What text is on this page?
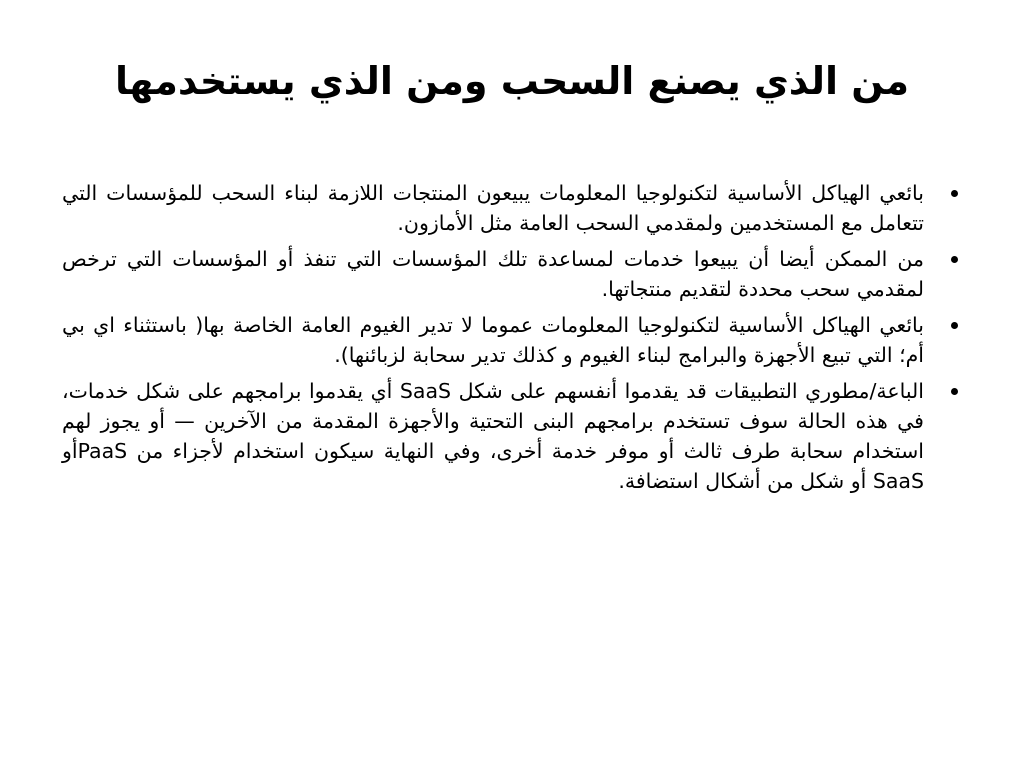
من الذي يصنع السحب ومن الذي يستخدمها
بائعي الهياكل الأساسية لتكنولوجيا المعلومات يبيعون المنتجات اللازمة لبناء السحب للمؤسسات التي تتعامل مع المستخدمين ولمقدمي السحب العامة مثل الأمازون.
من الممكن أيضا أن يبيعوا خدمات لمساعدة تلك المؤسسات التي تنفذ أو المؤسسات التي ترخص لمقدمي سحب محددة لتقديم منتجاتها.
بائعي الهياكل الأساسية لتكنولوجيا المعلومات عموما لا تدير الغيوم العامة الخاصة بها( باستثناء اي بي أم؛ التي تبيع الأجهزة والبرامج لبناء الغيوم و كذلك تدير سحابة لزبائنها).
الباعة/مطوري التطبيقات قد يقدموا أنفسهم على شكل SaaS أي يقدموا برامجهم على شكل خدمات، في هذه الحالة سوف تستخدم برامجهم البنى التحتية والأجهزة المقدمة من الآخرين — أو يجوز لهم استخدام سحابة طرف ثالث أو موفر خدمة أخرى، وفي النهاية سيكون استخدام لأجزاء من PaaSأو SaaS أو شكل من أشكال استضافة.
